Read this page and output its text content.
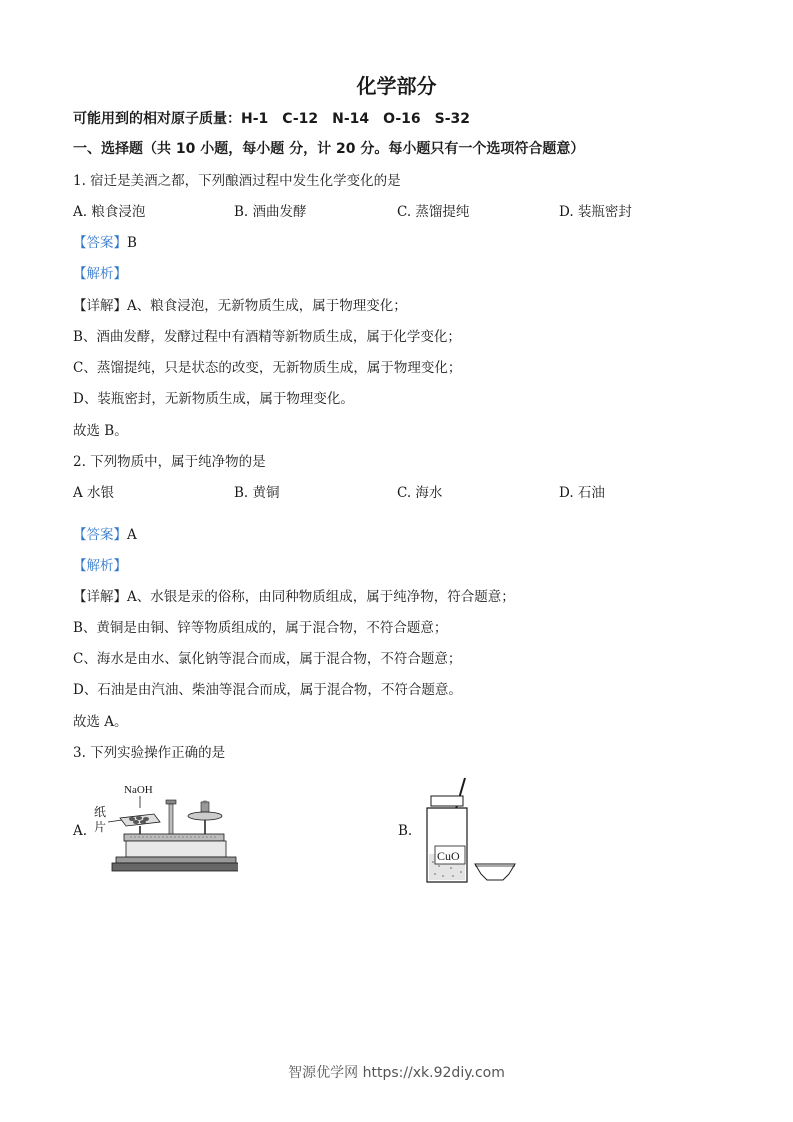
化学部分
可能用到的相对原子质量：H-1　C-12　N-14　O-16　S-32
一、选择题（共 10 小题，每小题 分，计 20 分。每小题只有一个选项符合题意）
1. 宿迁是美酒之都，下列酿酒过程中发生化学变化的是
A. 粮食浸泡	B. 酒曲发酵	C. 蒸馏提纯	D. 装瓶密封
【答案】B
【解析】
【详解】A、粮食浸泡，无新物质生成，属于物理变化；
B、酒曲发酵，发酵过程中有酒精等新物质生成，属于化学变化；
C、蒸馏提纯，只是状态的改变，无新物质生成，属于物理变化；
D、装瓶密封，无新物质生成，属于物理变化。
故选 B。
2. 下列物质中，属于纯净物的是
A 水银	B. 黄铜	C. 海水	D. 石油
【答案】A
【解析】
【详解】A、水银是汞的俗称，由同种物质组成，属于纯净物，符合题意；
B、黄铜是由铜、锌等物质组成的，属于混合物，不符合题意；
C、海水是由水、氯化钠等混合而成，属于混合物，不符合题意；
D、石油是由汽油、柴油等混合而成，属于混合物，不符合题意。
故选 A。
3. 下列实验操作正确的是
A.	B.
NaOH
纸
片
CuO
智源优学网 https://xk.92diy.com
